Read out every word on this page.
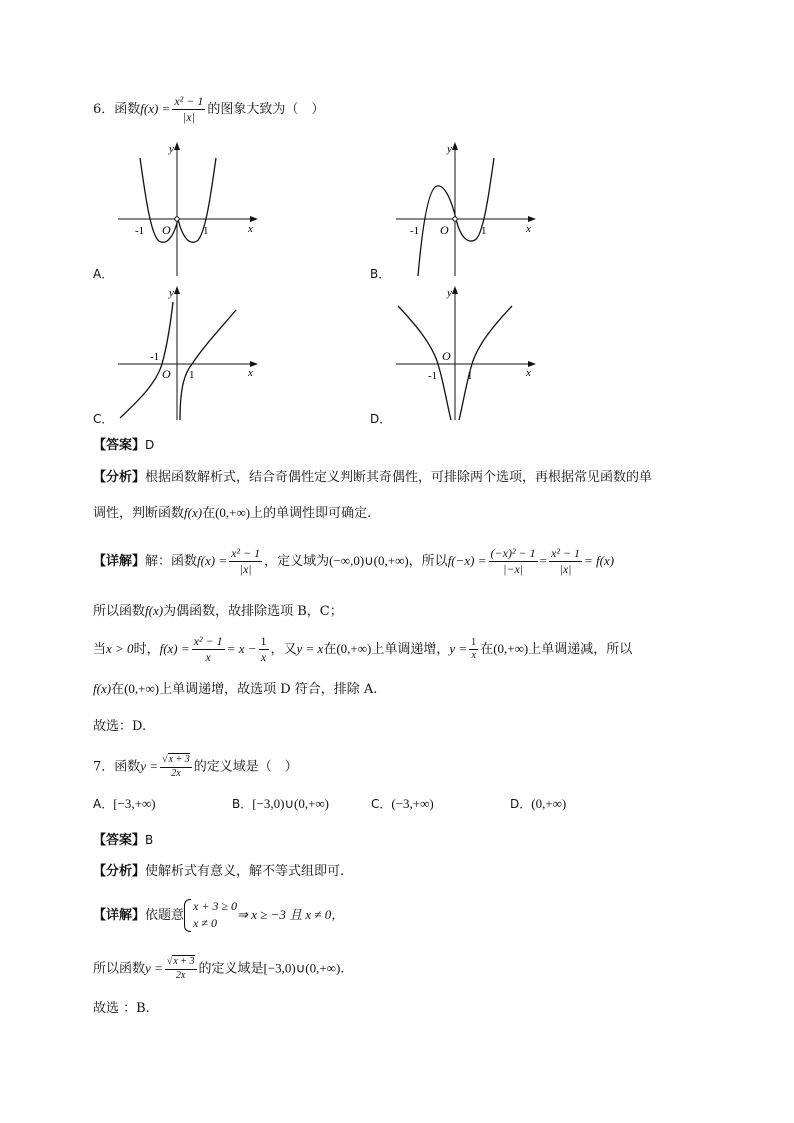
6．函数$f(x) = \frac{\text{x² − 1}}{|x|}$ 的图象大致为（　）
y
x
O
-1	1
A．
y
x
O
-1	1
B．
y
x
O
-1
1
C．
y
x
O
-1	1
D．
【答案】D
【分析】根据函数解析式，结合奇偶性定义判断其奇偶性，可排除两个选项，再根据常见函数的单
调性，判断函数f(x)在(0,+∞)上的单调性即可确定.
【详解】解：函数$f(x) = \frac{\text{x² − 1}}{|x|}$ ，定义域为(−∞,0)∪(0,+∞)，所以$f(-x) = \frac{\text{(−x)² − 1}}{|-x|} = \frac{\text{x² − 1}}{|x|} = f(x)$
所以函数f(x)为偶函数，故排除选项 B，C；
当x > 0时，$f(x) = \frac{\text{x² − 1}}{x} = x - \frac{1}{x}$ ，又y = x在(0,+∞)上单调递增，$y = \frac{1}{x}$ 在(0,+∞)上单调递减，所以
f(x)在(0,+∞)上单调递增，故选项 D 符合，排除 A.
故选：D.
7．函数$y = \frac{√x + 3}{2x}$ 的定义域是（　）
A．[−3,+∞)	B．[−3,0)∪(0,+∞)	C．(−3,+∞)	D．(0,+∞)
【答案】B
【分析】使解析式有意义，解不等式组即可.
【详解】依题意
x + 3 ≥ 0
x ≠ 0
⇒ x ≥ −3 且 x ≠ 0，
所以函数$y = \frac{√x + 3}{2x}$ 的定义域是[−3,0)∪(0,+∞).
故选 ：B.
